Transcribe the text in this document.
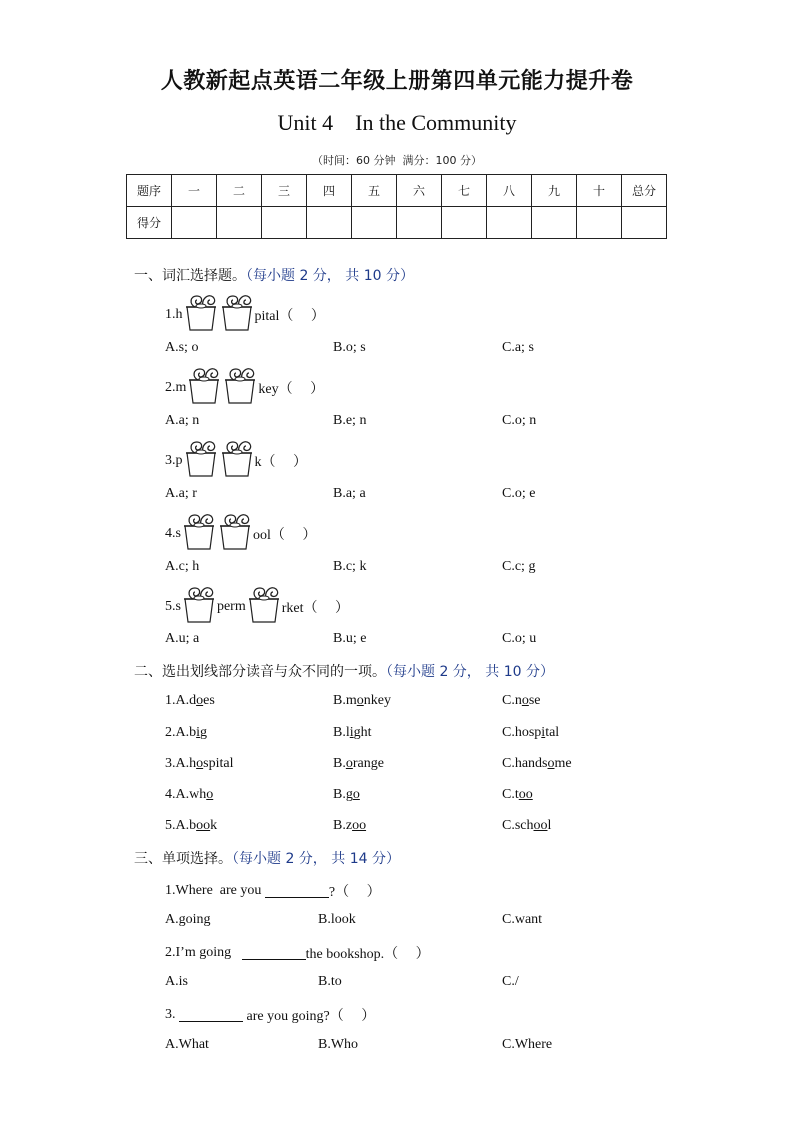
人教新起点英语二年级上册第四单元能力提升卷
Unit 4    In the Community
（时间：60 分钟  满分：100 分）
题序	一	二	三	四	五	六	七	八	九	十	总分
得分											
一、词汇选择题。（每小题 2 分， 共 10 分）
1.h	pital（     ）
A.s; o	B.o; s	C.a; s
2.m	key（     ）
A.a; n	B.e; n	C.o; n
3.p	k（     ）
A.a; r	B.a; a	C.o; e
4.s	ool（     ）
A.c; h	B.c; k	C.c; g
5.s	perm	rket（     ）
A.u; a	B.u; e	C.o; u
二、选出划线部分读音与众不同的一项。（每小题 2 分， 共 10 分）
1.A.does	B.monkey	C.nose
2.A.big	B.light	C.hospital
3.A.hospital	B.orange	C.handsome
4.A.who	B.go	C.too
5.A.book	B.zoo	C.school
三、单项选择。（每小题 2 分， 共 14 分）
1.Where  are you	?（     ）
A.going	B.look	C.want
2.I’m going	the bookshop.（     ）
A.is	B.to	C./
3.	are you going?（     ）
A.What	B.Who	C.Where
